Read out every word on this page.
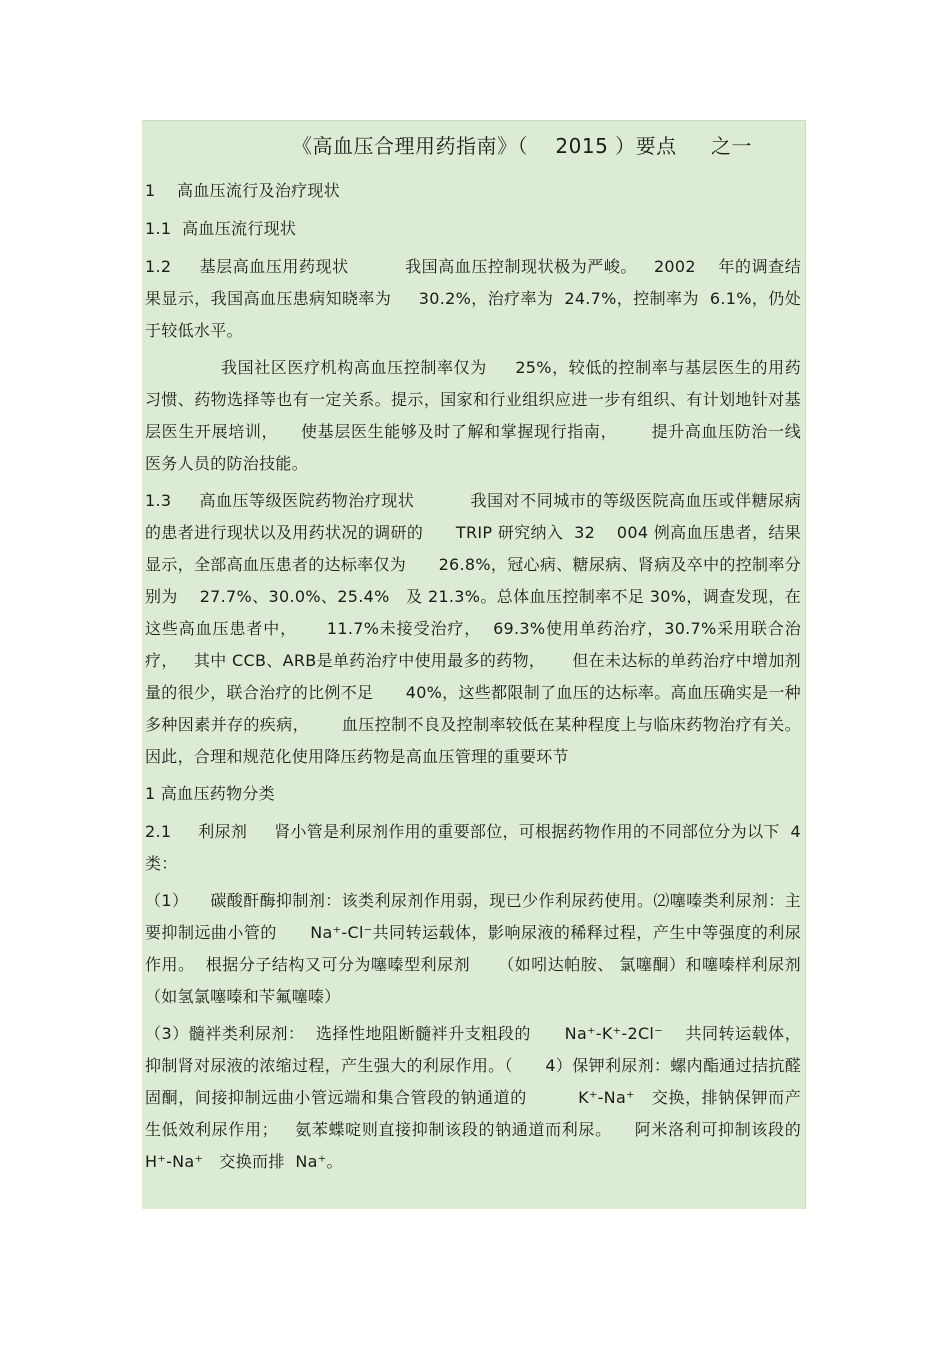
《高血压合理用药指南》（    2015 ）要点     之一
1    高血压流行及治疗现状
1.1  高血压流行现状
1.2     基层高血压用药现状          我国高血压控制现状极为严峻。   2002    年的调查结果显示，我国高血压患病知晓率为     30.2%，治疗率为  24.7%，控制率为  6.1%，仍处于较低水平。
我国社区医疗机构高血压控制率仅为     25%，较低的控制率与基层医生的用药习惯、药物选择等也有一定关系。提示，国家和行业组织应进一步有组织、有计划地针对基层医生开展培训，    使基层医生能够及时了解和掌握现行指南，      提升高血压防治一线医务人员的防治技能。
1.3     高血压等级医院药物治疗现状          我国对不同城市的等级医院高血压或伴糖尿病的患者进行现状以及用药状况的调研的      TRIP 研究纳入  32    004 例高血压患者，结果显示，全部高血压患者的达标率仅为      26.8%，冠心病、糖尿病、肾病及卒中的控制率分别为    27.7%、30.0%、25.4%   及 21.3%。总体血压控制率不足 30%，调查发现，在这些高血压患者中，     11.7%未接受治疗，  69.3%使用单药治疗，30.7%采用联合治疗，   其中 CCB、ARB是单药治疗中使用最多的药物，     但在未达标的单药治疗中增加剂量的很少，联合治疗的比例不足      40%，这些都限制了血压的达标率。高血压确实是一种多种因素并存的疾病，      血压控制不良及控制率较低在某种程度上与临床药物治疗有关。   因此，合理和规范化使用降压药物是高血压管理的重要环节
1 高血压药物分类
2.1     利尿剂     肾小管是利尿剂作用的重要部位，可根据药物作用的不同部位分为以下  4    类：
（1）    碳酸酐酶抑制剂：该类利尿剂作用弱，现已少作利尿药使用。⑵噻嗪类利尿剂：主要抑制远曲小管的      Na⁺-Cl⁻共同转运载体，影响尿液的稀释过程，产生中等强度的利尿作用。  根据分子结构又可分为噻嗪型利尿剂     （如吲达帕胺、 氯噻酮）和噻嗪样利尿剂（如氢氯噻嗪和苄氟噻嗪）
（3）髓袢类利尿剂：  选择性地阻断髓袢升支粗段的      Na⁺-K⁺-2Cl⁻    共同转运载体，抑制肾对尿液的浓缩过程，产生强大的利尿作用。（      4）保钾利尿剂：螺内酯通过拮抗醛固酮，间接抑制远曲小管远端和集合管段的钠通道的         K⁺-Na⁺   交换，排钠保钾而产生低效利尿作用；   氨苯蝶啶则直接抑制该段的钠通道而利尿。    阿米洛利可抑制该段的   H⁺-Na⁺   交换而排  Na⁺。
